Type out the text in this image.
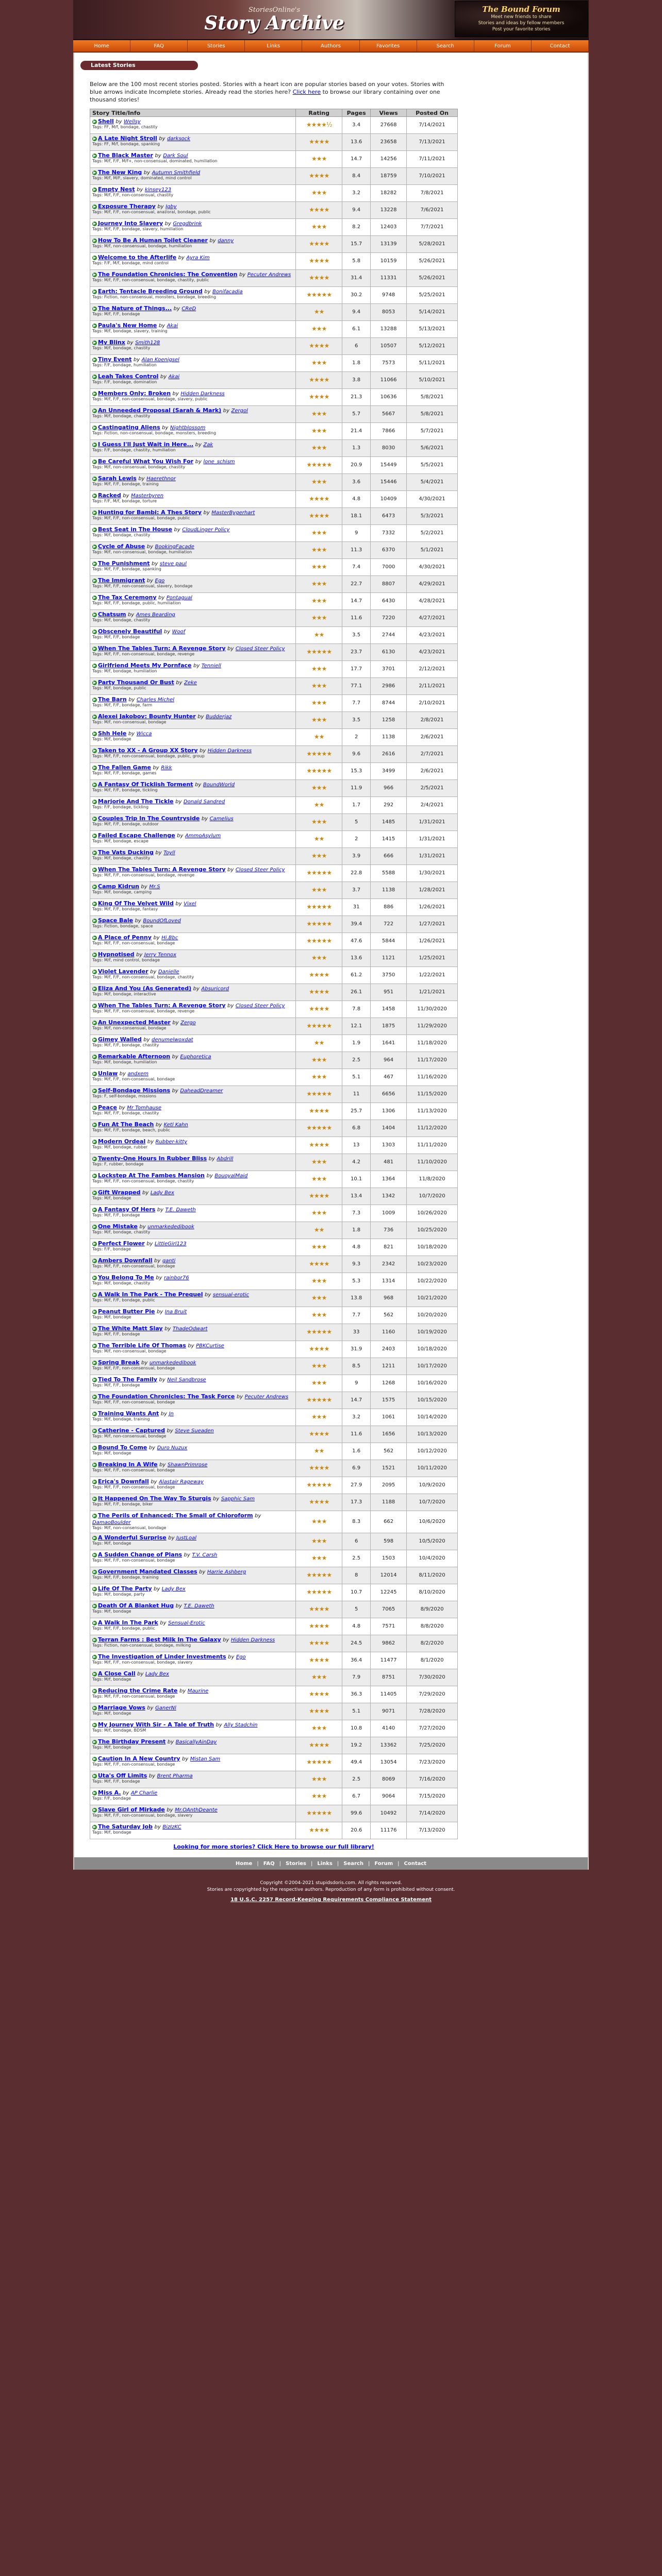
StoriesOnline's
Story Archive
The Bound Forum
Meet new friends to share
Stories and ideas by fellow members
Post your favorite stories
Home	FAQ	Stories	Links	Authors	Favorites	Search	Forum	Contact
Latest Stories

Below are the 100 most recent stories posted. Stories with a heart icon are popular stories based on your votes. Stories with blue arrows indicate Incomplete stories. Already read the stories here? Click here to browse our library containing over one thousand stories!

Story Title/Info	Rating	Pages	Views	Posted On
▶ Shell by Wellsy
Tags: FF, M/f, bondage, chastity	★★★★½	3.4	27668	7/14/2021
▶ A Late Night Stroll by darksock
Tags: FF, M/f, bondage, spanking	★★★★	13.6	23658	7/13/2021
▶ The Black Master by Dark Soul
Tags: M/f, F/F, M/f+, non-consensual, dominated, humiliation	★★★	14.7	14256	7/11/2021
▶ The New King by Autumn Smithfield
Tags: M/f, M/F, slavery, dominated, mind control	★★★★	8.4	18759	7/10/2021
▶ Empty Nest by kinsey123
Tags: M/f, F/F, non-consensual, chastity	★★★	3.2	18282	7/8/2021
▶ Exposure Therapy by Igby
Tags: M/f, F/F, non-consensual, anal/oral, bondage, public	★★★★	9.4	13228	7/6/2021
▶ Journey Into Slavery by Gregdbrink
Tags: M/f, F/F, bondage, slavery, humiliation	★★★	8.2	12403	7/7/2021
▶ How To Be A Human Toilet Cleaner by danny
Tags: M/f, non-consensual, bondage, humiliation	★★★★	15.7	13139	5/28/2021
▶ Welcome to the Afterlife by Ayra Kim
Tags: F/F, M/f, bondage, mind control	★★★★	5.8	10159	5/26/2021
▶ The Foundation Chronicles: The Convention by Pecuter Andrews
Tags: M/f, F/F, non-consensual, bondage, chastity, public	★★★★	31.4	11331	5/26/2021
▶ Earth: Tentacle Breeding Ground by Bonifacadia
Tags: Fiction, non-consensual, monsters, bondage, breeding	★★★★★	30.2	9748	5/25/2021
▶ The Nature of Things... by CReD
Tags: M/f, F/F, bondage	★★	9.4	8053	5/14/2021
▶ Paula's New Home by Akai
Tags: M/f, bondage, slavery, training	★★★	6.1	13288	5/13/2021
▶ My Blinx by Smith128
Tags: M/f, bondage, chastity	★★★★	6	10507	5/12/2021
▶ Tiny Event by Alan Koenigsel
Tags: F/F, bondage, humiliation	★★★	1.8	7573	5/11/2021
▶ Leah Takes Control by Akai
Tags: F/F, bondage, domination	★★★★	3.8	11066	5/10/2021
▶ Members Only: Broken by Hidden Darkness
Tags: M/f, F/F, non-consensual, bondage, slavery, public	★★★★	21.3	10636	5/8/2021
▶ An Unneeded Proposal (Sarah & Mark) by Zergol
Tags: M/f, bondage, chastity	★★★	5.7	5667	5/8/2021
▶ Castingating Aliens by Nightblossom
Tags: Fiction, non-consensual, bondage, monsters, breeding	★★★	21.4	7866	5/7/2021
▶ I Guess I'll Just Wait in Here... by Zak
Tags: F/F, bondage, chastity, humiliation	★★★	1.3	8030	5/6/2021
▶ Be Careful What You Wish For by lone_schism
Tags: M/f, non-consensual, bondage, chastity	★★★★★	20.9	15449	5/5/2021
▶ Sarah Lewis by Haerethnor
Tags: M/f, F/F, bondage, training	★★★	3.6	15446	5/4/2021
▶ Racked by Masterbyren
Tags: F/F, M/f, bondage, torture	★★★★	4.8	10409	4/30/2021
▶ Hunting for Bambi: A Thes Story by MasterBygerhart
Tags: M/f, F/F, non-consensual, bondage, public	★★★★	18.1	6473	5/3/2021
▶ Best Seat in The House by CloudLinger Policy
Tags: M/f, bondage, chastity	★★★	9	7332	5/2/2021
▶ Cycle of Abuse by BookingFacade
Tags: M/f, non-consensual, bondage, humiliation	★★★	11.3	6370	5/1/2021
▶ The Punishment by steve paul
Tags: M/f, F/F, bondage, spanking	★★★	7.4	7000	4/30/2021
▶ The Immigrant by Ego
Tags: M/f, F/F, non-consensual, slavery, bondage	★★★	22.7	8807	4/29/2021
▶ The Tax Ceremony by Pontagual
Tags: M/f, F/F, bondage, public, humiliation	★★★	14.7	6430	4/28/2021
▶ Chatsum by Ames Bearding
Tags: M/f, bondage, chastity	★★★	11.6	7220	4/27/2021
▶ Obscenely Beautiful by Woof
Tags: M/f, F/F, bondage	★★	3.5	2744	4/23/2021
▶ When The Tables Turn: A Revenge Story by Closed Steer Policy
Tags: M/f, F/F, non-consensual, bondage, revenge	★★★★★	23.7	6130	4/23/2021
▶ Girlfriend Meets My Pornface by Tenniell
Tags: M/f, bondage, humiliation	★★★	17.7	3701	2/12/2021
▶ Party Thousand Or Bust by Zeke
Tags: M/f, bondage, public	★★★	77.1	2986	2/11/2021
▶ The Barn by Charles Michel
Tags: M/f, F/F, bondage, farm	★★★	7.7	8744	2/10/2021
▶ Alexei Jakobov: Bounty Hunter by Budderjaz
Tags: M/f, non-consensual, bondage	★★★	3.5	1258	2/8/2021
▶ Shh Hele by Wicca
Tags: M/f, bondage	★★	2	1138	2/6/2021
▶ Taken to XX - A Group XX Story by Hidden Darkness
Tags: M/f, F/F, non-consensual, bondage, public, group	★★★★★	9.6	2616	2/7/2021
▶ The Fallen Game by Rikk
Tags: M/f, F/F, bondage, games	★★★★★	15.3	3499	2/6/2021
▶ A Fantasy Of Ticklish Torment by BoundWorld
Tags: M/f, F/F, bondage, tickling	★★★	11.9	966	2/5/2021
▶ Marjorie And The Tickle by Donald Sandred
Tags: F/F, bondage, tickling	★★	1.7	292	2/4/2021
▶ Couples Trip In The Countryside by Camelius
Tags: M/f, F/F, bondage, outdoor	★★★	5	1485	1/31/2021
▶ Failed Escape Challenge by AmmoAsylum
Tags: M/f, bondage, escape	★★	2	1415	1/31/2021
▶ The Vats Ducking by Toyll
Tags: M/f, bondage, chastity	★★★	3.9	666	1/31/2021
▶ When The Tables Turn: A Revenge Story by Closed Steer Policy
Tags: M/f, F/F, non-consensual, bondage, revenge	★★★★★	22.8	5588	1/30/2021
▶ Camp Kidrun by Mr.S
Tags: M/f, bondage, camping	★★★	3.7	1138	1/28/2021
▶ King Of The Velvet Wild by Vixel
Tags: M/f, F/F, bondage, fantasy	★★★★★	31	886	1/26/2021
▶ Space Bale by BoundOfLoved
Tags: Fiction, bondage, space	★★★★★	39.4	722	1/27/2021
▶ A Place of Penny by Hi.Bbc
Tags: M/f, F/F, non-consensual, bondage	★★★★★	47.6	5844	1/26/2021
▶ Hypnotised by Jerry Tennox
Tags: M/f, mind control, bondage	★★★	13.6	1121	1/25/2021
▶ Violet Lavender by Danielle
Tags: M/f, F/F, non-consensual, bondage, chastity	★★★★	61.2	3750	1/22/2021
▶ Eliza And You (As Generated) by Absuricord
Tags: M/f, bondage, interactive	★★★★	26.1	951	1/21/2021
▶ When The Tables Turn: A Revenge Story by Closed Steer Policy
Tags: M/f, F/F, non-consensual, bondage, revenge	★★★★	7.8	1458	11/30/2020
▶ An Unexpected Master by Zergo
Tags: M/f, non-consensual, bondage	★★★★★	12.1	1875	11/29/2020
▶ Gimey Walled by denumelwoxdat
Tags: M/f, F/F, bondage, chastity	★★	1.9	1641	11/18/2020
▶ Remarkable Afternoon by Euphoretica
Tags: M/f, bondage, humiliation	★★★	2.5	964	11/17/2020
▶ Unlaw by andxem
Tags: M/f, F/F, non-consensual, bondage	★★★	5.1	467	11/16/2020
▶ Self-Bondage Missions by DaheadDreamer
Tags: F, self-bondage, missions	★★★★★	11	6656	11/15/2020
▶ Peace by Mr Tomhause
Tags: M/f, F/F, bondage, chastity	★★★★	25.7	1306	11/13/2020
▶ Fun At The Beach by Ketl Kahn
Tags: M/f, F/F, bondage, beach, public	★★★★★	6.8	1404	11/12/2020
▶ Modern Ordeal by Rubber-kitty
Tags: M/f, bondage, rubber	★★★★	13	1303	11/11/2020
▶ Twenty-One Hours In Rubber Bliss by Abdrill
Tags: F, rubber, bondage	★★★	4.2	481	11/10/2020
▶ Lockstep At The Fambes Mansion by BouoyalMaid
Tags: M/f, F/F, non-consensual, bondage, chastity	★★★	10.1	1364	11/8/2020
▶ Gift Wrapped by Lady Bex
Tags: M/f, bondage	★★★★	13.4	1342	10/7/2020
▶ A Fantasy Of Hers by T.E. Daweth
Tags: M/f, F/F, bondage	★★★	7.3	1009	10/26/2020
▶ One Mistake by unmarkededibook
Tags: M/f, bondage, chastity	★★	1.8	736	10/25/2020
▶ Perfect Flower by LittleGirl123
Tags: F/F, bondage	★★★	4.8	821	10/18/2020
▶ Ambers Downfall by ganti
Tags: M/f, F/F, non-consensual, bondage	★★★★	9.3	2342	10/23/2020
▶ You Belong To Me by rainbor76
Tags: M/f, bondage, chastity	★★★	5.3	1314	10/22/2020
▶ A Walk In The Park - The Prequel by sensual-erotic
Tags: M/f, F/F, bondage, public	★★★	13.8	968	10/21/2020
▶ Peanut Butter Pie by Ina Bruit
Tags: M/f, bondage	★★★	7.7	562	10/20/2020
▶ The White Matt Slay by ThadeOdwart
Tags: M/f, F/F, bondage	★★★★★	33	1160	10/19/2020
▶ The Terrible Life Of Thomas by PBKCurtise
Tags: M/f, non-consensual, bondage	★★★★	31.9	2403	10/18/2020
▶ Spring Break by unmarkededibook
Tags: M/f, F/F, non-consensual, bondage	★★★	8.5	1211	10/17/2020
▶ Tied To The Family by Neil Sandbrose
Tags: M/f, F/F, bondage	★★★	9	1268	10/16/2020
▶ The Foundation Chronicles: The Task Force by Pecuter Andrews
Tags: M/f, F/F, non-consensual, bondage	★★★★★	14.7	1575	10/15/2020
▶ Training Wants Ant by Jn
Tags: M/f, bondage, training	★★★	3.2	1061	10/14/2020
▶ Catherine - Captured by Steve Sueaden
Tags: M/f, non-consensual, bondage	★★★★	11.6	1656	10/13/2020
▶ Bound To Come by Duro Nuzux
Tags: M/f, bondage	★★	1.6	562	10/12/2020
▶ Breaking In A Wife by ShawnPrimrose
Tags: M/f, F/F, non-consensual, bondage	★★★★	6.9	1521	10/11/2020
▶ Erica's Downfall by Alastair Rageway
Tags: M/f, F/F, non-consensual, bondage	★★★★★	27.9	2095	10/9/2020
▶ It Happened On The Way To Sturgis by Sapphic Sam
Tags: M/f, F/F, bondage, biker	★★★★	17.3	1188	10/7/2020
▶ The Perils of Enhanced: The Small of Chloroform by DamaoBoulder
Tags: M/f, non-consensual, bondage	★★★	8.3	662	10/6/2020
▶ A Wonderful Surprise by JustLoal
Tags: M/f, bondage	★★★	6	598	10/5/2020
▶ A Sudden Change of Plans by T.V. Carsh
Tags: M/f, F/F, non-consensual, bondage	★★★	2.5	1503	10/4/2020
▶ Government Mandated Classes by Harrie Ashberg
Tags: M/f, F/F, bondage, training	★★★★★	8	12014	8/11/2020
▶ Life Of The Party by Lady Bex
Tags: M/f, bondage, party	★★★★★	10.7	12245	8/10/2020
▶ Death Of A Blanket Hug by T.E. Daweth
Tags: M/f, bondage	★★★★	5	7065	8/9/2020
▶ A Walk In The Park by Sensual-Erotic
Tags: M/f, F/F, bondage, public	★★★★	4.8	7571	8/8/2020
▶ Terran Farms : Best Milk In The Galaxy by Hidden Darkness
Tags: Fiction, non-consensual, bondage, milking	★★★★	24.5	9862	8/2/2020
▶ The Investigation of Linder Investments by Ego
Tags: M/f, F/F, non-consensual, bondage, slavery	★★★★	36.4	11477	8/1/2020
▶ A Close Call by Lady Bex
Tags: M/f, bondage	★★★	7.9	8751	7/30/2020
▶ Reducing the Crime Rate by Maurine
Tags: M/f, F/F, non-consensual, bondage	★★★★	36.3	11405	7/29/2020
▶ Marriage Vows by GanerNl
Tags: M/f, bondage	★★★★	5.1	9071	7/28/2020
▶ My Journey With Sir - A Tale of Truth by Ally Stadchin
Tags: M/f, bondage, BDSM	★★★	10.8	4140	7/27/2020
▶ The Birthday Present by BasicallyAinDay
Tags: M/f, bondage	★★★★	19.2	13362	7/25/2020
▶ Caution In A New Country by Mistan Sam
Tags: M/f, F/F, non-consensual, bondage	★★★★★	49.4	13054	7/23/2020
▶ Uta's Off Limits by Brent Pharma
Tags: M/f, F/F, bondage	★★★	2.5	8069	7/16/2020
▶ Miss A. by AP Charlie
Tags: F/F, bondage	★★★	6.7	9064	7/15/2020
▶ Slave Girl of Mirkade by Mr.OAnthDeante
Tags: M/f, F/F, non-consensual, bondage, slavery	★★★★★	99.6	10492	7/14/2020
▶ The Saturday Job by BizIzKC
Tags: M/f, bondage	★★★★	20.6	11176	7/13/2020
Looking for more stories? Click Here to browse our full library!
Home | FAQ | Stories | Links | Search | Forum | Contact
Copyright ©2004-2021 stupidsdoris.com. All rights reserved.
Stories are copyrighted by the respective authors. Reproduction of any form is prohibited without consent.
18 U.S.C. 2257 Record-Keeping Requirements Compliance Statement
